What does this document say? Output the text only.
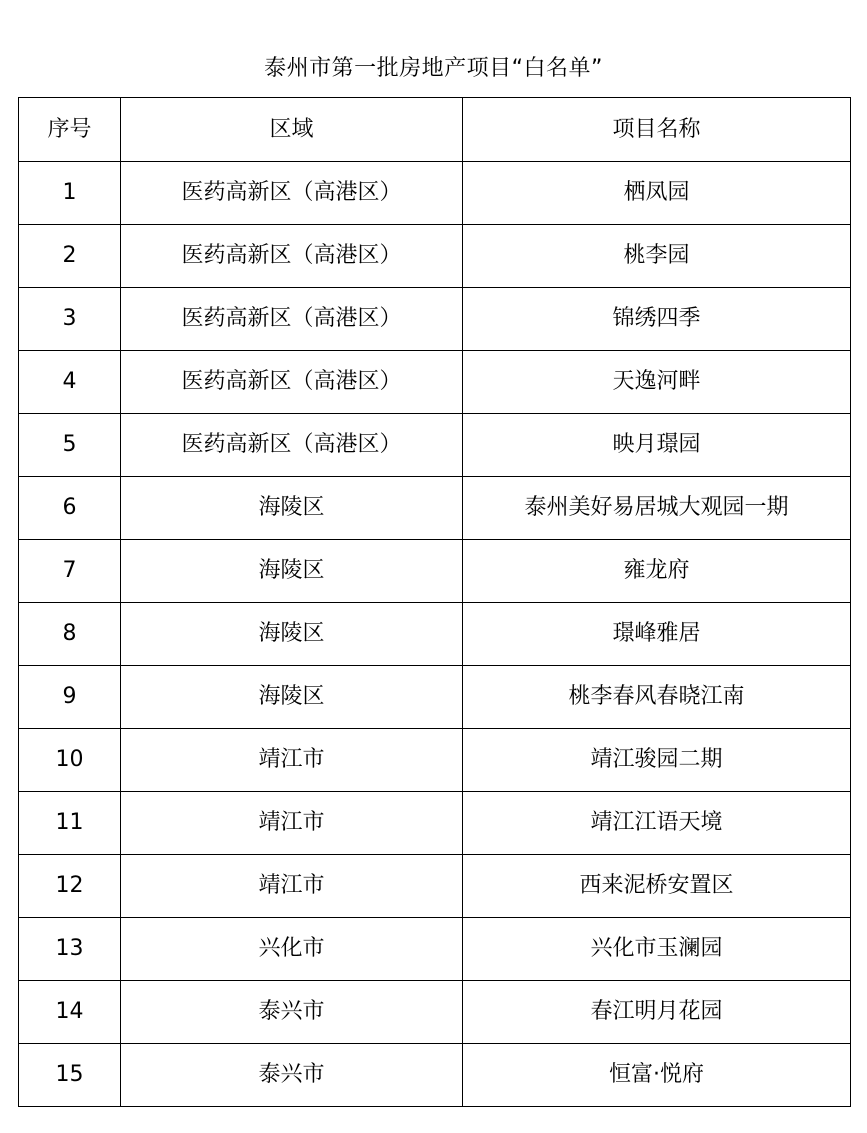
泰州市第一批房地产项目“白名单”
序号	区域	项目名称
1	医药高新区（高港区）	栖凤园
2	医药高新区（高港区）	桃李园
3	医药高新区（高港区）	锦绣四季
4	医药高新区（高港区）	天逸河畔
5	医药高新区（高港区）	映月璟园
6	海陵区	泰州美好易居城大观园一期
7	海陵区	雍龙府
8	海陵区	璟峰雅居
9	海陵区	桃李春风春晓江南
10	靖江市	靖江骏园二期
11	靖江市	靖江江语天境
12	靖江市	西来泥桥安置区
13	兴化市	兴化市玉澜园
14	泰兴市	春江明月花园
15	泰兴市	恒富·悦府
